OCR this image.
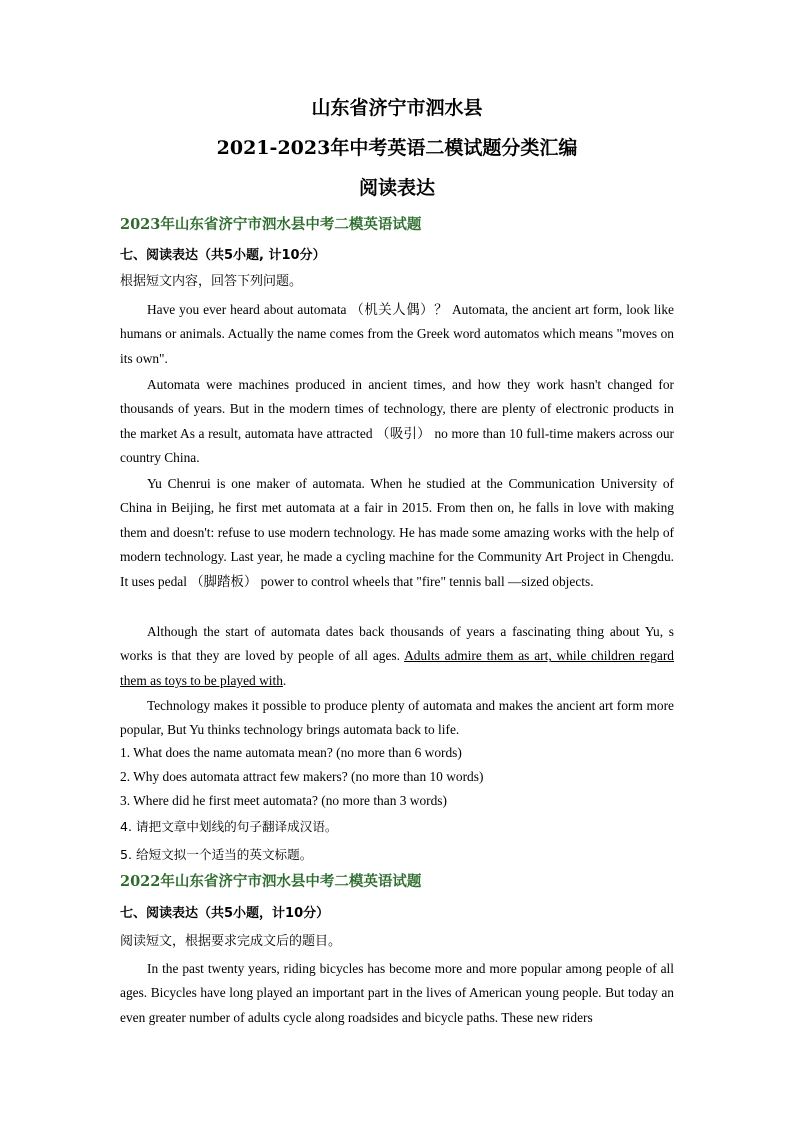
山东省济宁市泗水县
2021-2023年中考英语二模试题分类汇编
阅读表达
2023年山东省济宁市泗水县中考二模英语试题
七、阅读表达（共5小题, 计10分）
根据短文内容，回答下列问题。

Have you ever heard about automata （机关人偶）？ Automata, the ancient art form, look like humans or animals. Actually the name comes from the Greek word automatos which means "moves on its own".

Automata were machines produced in ancient times, and how they work hasn't changed for thousands of years. But in the modern times of technology, there are plenty of electronic products in the market As a result, automata have attracted （吸引） no more than 10 full-time makers across our country China.

Yu Chenrui is one maker of automata. When he studied at the Communication University of China in Beijing, he first met automata at a fair in 2015. From then on, he falls in love with making them and doesn't: refuse to use modern technology. He has made some amazing works with the help of modern technology. Last year, he made a cycling machine for the Community Art Project in Chengdu. It uses pedal （脚踏板） power to control wheels that "fire" tennis ball —sized objects.

Although the start of automata dates back thousands of years a fascinating thing about Yu, s works is that they are loved by people of all ages. Adults admire them as art, while children regard them as toys to be played with.

Technology makes it possible to produce plenty of automata and makes the ancient art form more popular, But Yu thinks technology brings automata back to life.

1. What does the name automata mean? (no more than 6 words)
2. Why does automata attract few makers? (no more than 10 words)
3. Where did he first meet automata? (no more than 3 words)
4. 请把文章中划线的句子翻译成汉语。
5. 给短文拟一个适当的英文标题。
2022年山东省济宁市泗水县中考二模英语试题
七、阅读表达（共5小题，计10分）
阅读短文，根据要求完成文后的题目。

In the past twenty years, riding bicycles has become more and more popular among people of all ages. Bicycles have long played an important part in the lives of American young people. But today an even greater number of adults cycle along roadsides and bicycle paths. These new riders
